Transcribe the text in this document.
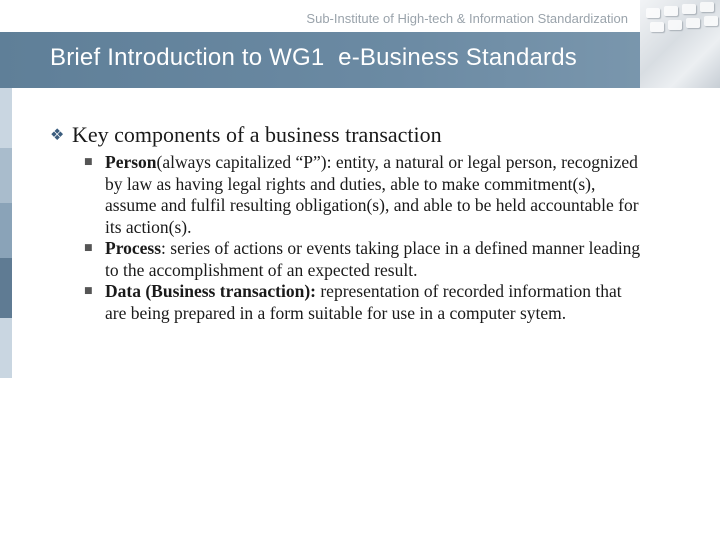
Sub-Institute of High-tech & Information Standardization
Brief Introduction to WG1  e-Business Standards
❖ Key components of a business transaction
■ Person(always capitalized “P”): entity, a natural or legal person, recognized by law as having legal rights and duties, able to make commitment(s), assume and fulfil resulting obligation(s), and able to be held accountable for its action(s).
■ Process: series of actions or events taking place in a defined manner leading to the accomplishment of an expected result.
■ Data (Business transaction): representation of recorded information that are being prepared in a form suitable for use in a computer sytem.
